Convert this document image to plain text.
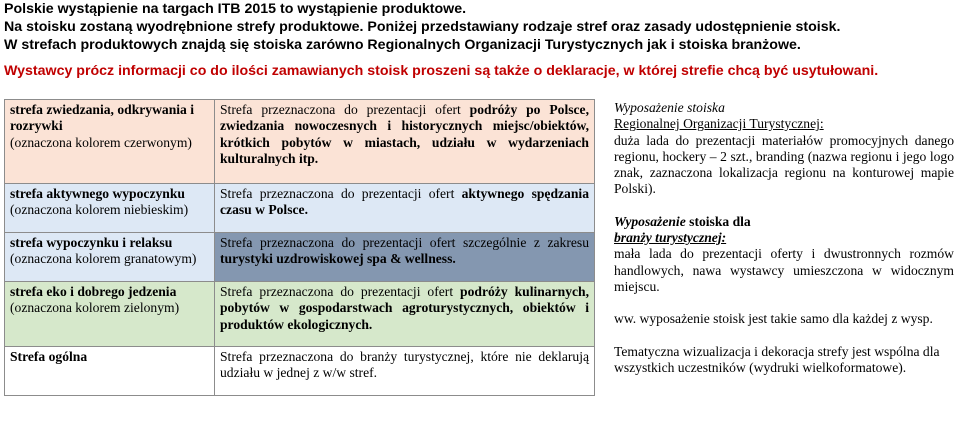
Polskie wystąpienie na targach ITB 2015 to wystąpienie produktowe.
Na stoisku zostaną wyodrębnione strefy produktowe. Poniżej przedstawiany rodzaje stref oraz zasady udostępnienie stoisk.
W strefach produktowych znajdą się stoiska zarówno Regionalnych Organizacji Turystycznych jak i stoiska branżowe.
Wystawcy prócz informacji co do ilości zamawianych stoisk proszeni są także o deklaracje, w której strefie chcą być usytułowani.
strefa zwiedzania, odkrywania i rozrywki
(oznaczona kolorem czerwonym)	Strefa przeznaczona do prezentacji ofert podróży po Polsce, zwiedzania nowoczesnych i historycznych miejsc/obiektów, krótkich pobytów w miastach, udziału w wydarzeniach kulturalnych itp.
strefa aktywnego wypoczynku
(oznaczona kolorem niebieskim)	Strefa przeznaczona do prezentacji ofert aktywnego spędzania czasu w Polsce.
strefa wypoczynku i relaksu
(oznaczona kolorem granatowym)	Strefa przeznaczona do prezentacji ofert szczególnie z zakresu turystyki uzdrowiskowej spa & wellness.
strefa eko i dobrego jedzenia
(oznaczona kolorem zielonym)	Strefa przeznaczona do prezentacji ofert podróży kulinarnych, pobytów w gospodarstwach agroturystycznych, obiektów i produktów ekologicznych.
Strefa ogólna	Strefa przeznaczona do branży turystycznej, które nie deklarują udziału w jednej z w/w stref.

Wyposażenie stoiska

Regionalnej Organizacji Turystycznej:

duża lada do prezentacji materiałów promocyjnych danego regionu, hockery – 2 szt., branding (nazwa regionu i jego logo znak, zaznaczona lokalizacja regionu na konturowej mapie Polski).

Wyposażenie stoiska dla

branży turystycznej:

mała lada do prezentacji oferty i dwustronnych rozmów handlowych, nawa wystawcy umieszczona w widocznym miejscu.

ww. wyposażenie stoisk jest takie samo dla każdej z wysp.

Tematyczna wizualizacja i dekoracja strefy jest wspólna dla wszystkich uczestników (wydruki wielkoformatowe).
